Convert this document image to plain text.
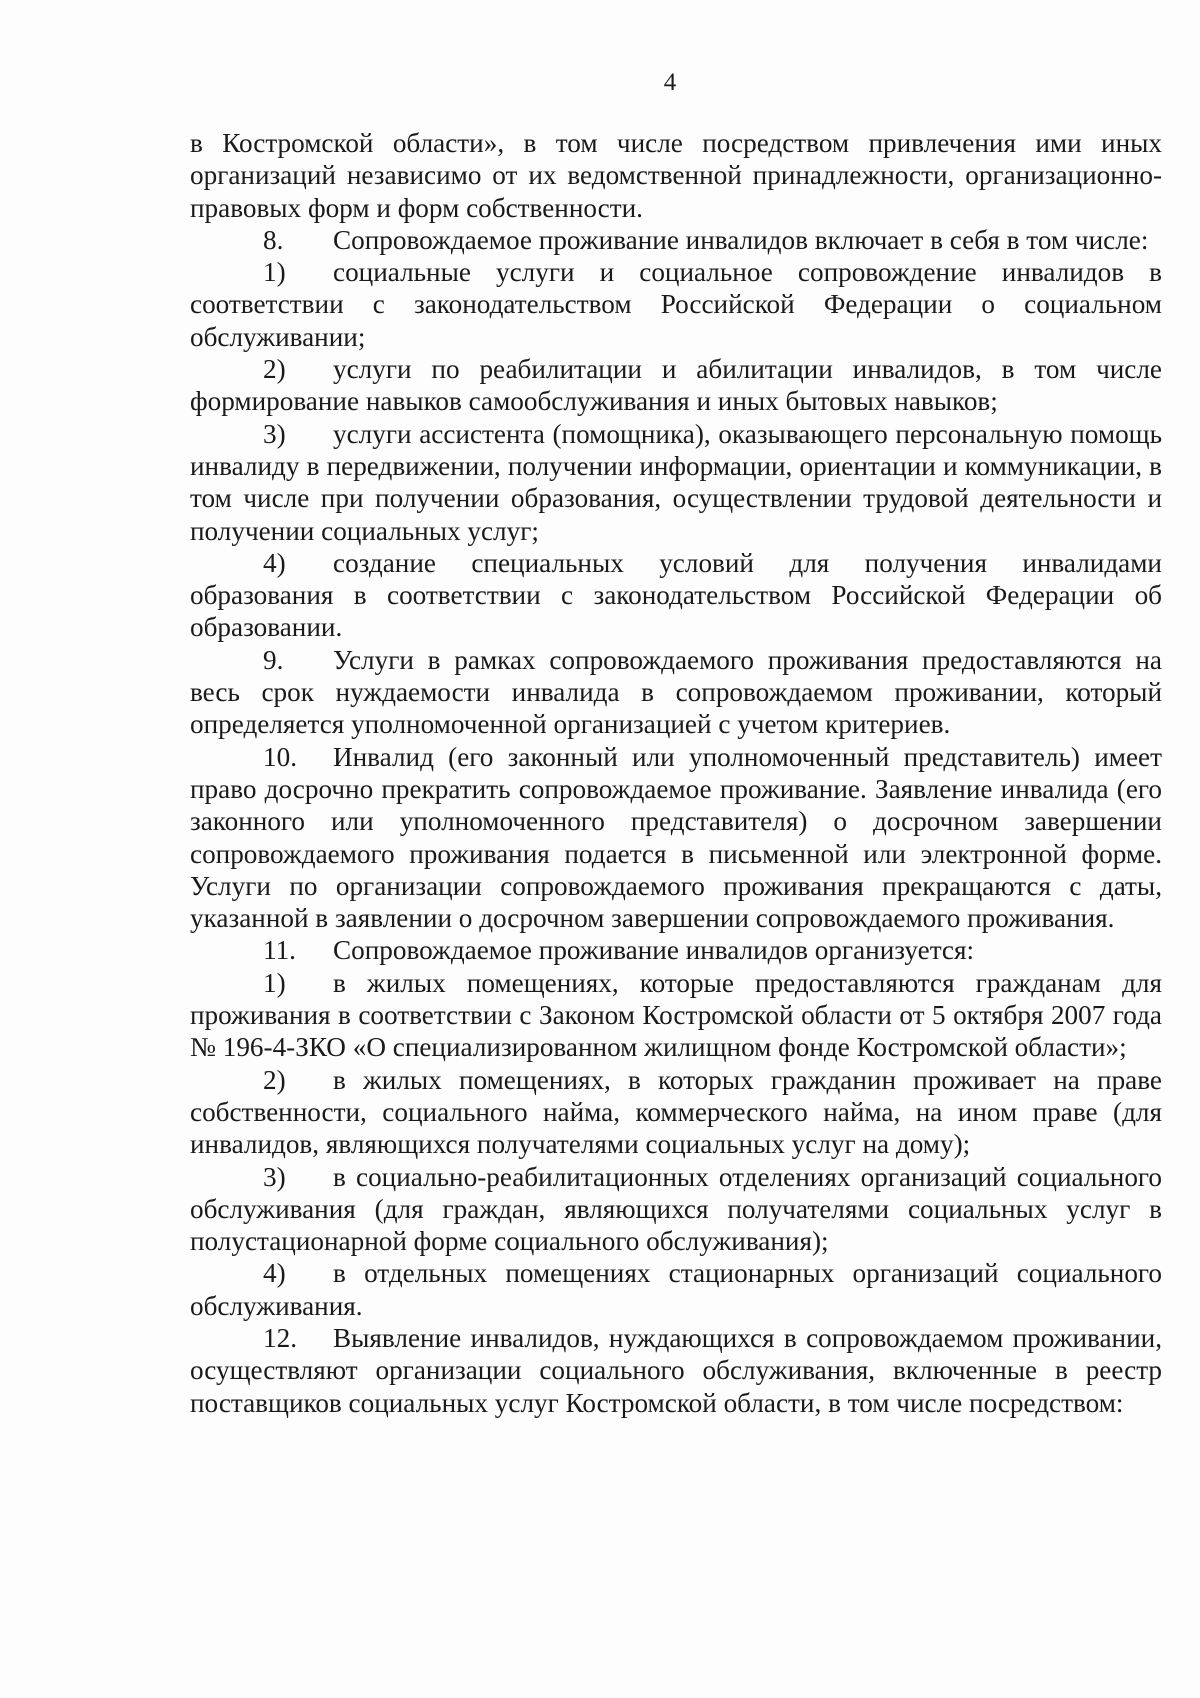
4

в Костромской области», в том числе посредством привлечения ими иных организаций независимо от их ведомственной принадлежности, организационно-правовых форм и форм собственности.

8. Сопровождаемое проживание инвалидов включает в себя в том числе:

1) социальные услуги и социальное сопровождение инвалидов в соответствии с законодательством Российской Федерации о социальном обслуживании;

2) услуги по реабилитации и абилитации инвалидов, в том числе формирование навыков самообслуживания и иных бытовых навыков;

3) услуги ассистента (помощника), оказывающего персональную помощь инвалиду в передвижении, получении информации, ориентации и коммуникации, в том числе при получении образования, осуществлении трудовой деятельности и получении социальных услуг;

4) создание специальных условий для получения инвалидами образования в соответствии с законодательством Российской Федерации об образовании.

9. Услуги в рамках сопровождаемого проживания предоставляются на весь срок нуждаемости инвалида в сопровождаемом проживании, который определяется уполномоченной организацией с учетом критериев.

10. Инвалид (его законный или уполномоченный представитель) имеет право досрочно прекратить сопровождаемое проживание. Заявление инвалида (его законного или уполномоченного представителя) о досрочном завершении сопровождаемого проживания подается в письменной или электронной форме. Услуги по организации сопровождаемого проживания прекращаются с даты, указанной в заявлении о досрочном завершении сопровождаемого проживания.

11. Сопровождаемое проживание инвалидов организуется:

1) в жилых помещениях, которые предоставляются гражданам для проживания в соответствии с Законом Костромской области от 5 октября 2007 года № 196-4-ЗКО «О специализированном жилищном фонде Костромской области»;

2) в жилых помещениях, в которых гражданин проживает на праве собственности, социального найма, коммерческого найма, на ином праве (для инвалидов, являющихся получателями социальных услуг на дому);

3) в социально-реабилитационных отделениях организаций социального обслуживания (для граждан, являющихся получателями социальных услуг в полустационарной форме социального обслуживания);

4) в отдельных помещениях стационарных организаций социального обслуживания.

12. Выявление инвалидов, нуждающихся в сопровождаемом проживании, осуществляют организации социального обслуживания, включенные в реестр поставщиков социальных услуг Костромской области, в том числе посредством:
